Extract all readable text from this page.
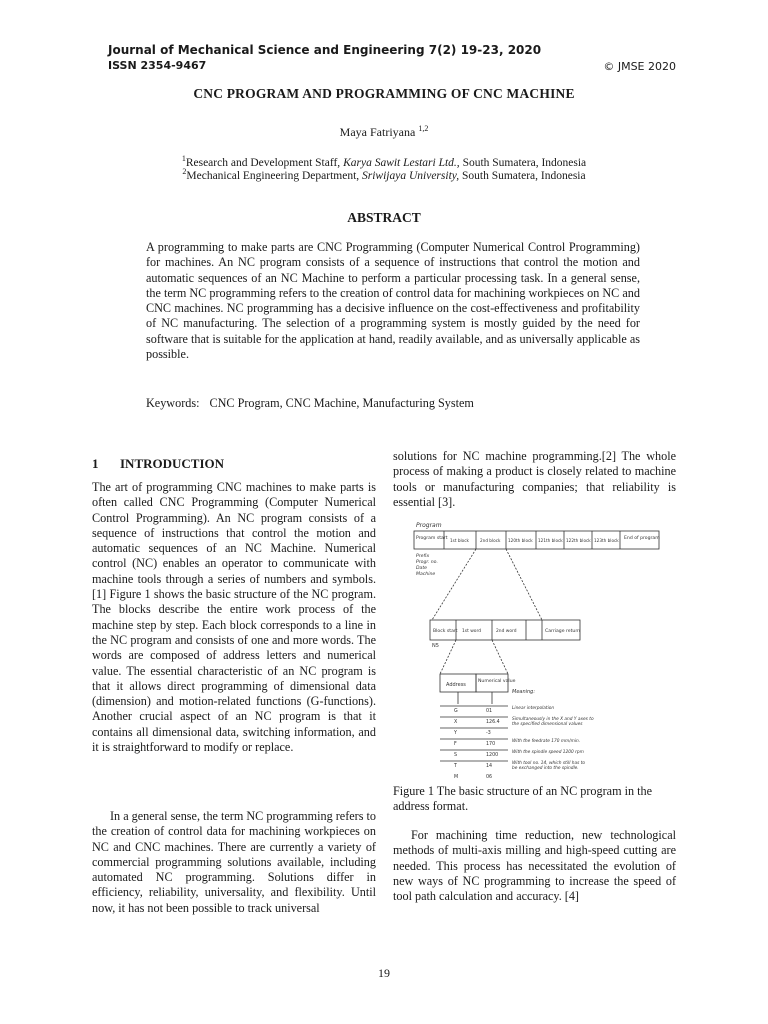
Journal of Mechanical Science and Engineering 7(2) 19-23, 2020
ISSN 2354-9467	© JMSE 2020
CNC PROGRAM AND PROGRAMMING OF CNC MACHINE
Maya Fatriyana $^{1,2}$
$^1$Research and Development Staff, Karya Sawit Lestari Ltd., South Sumatera, Indonesia
$^2$Mechanical Engineering Department, Sriwijaya University, South Sumatera, Indonesia
ABSTRACT

A programming to make parts are CNC Programming (Computer Numerical Control Programming) for machines. An NC program consists of a sequence of instructions that control the motion and automatic sequences of an NC Machine to perform a particular processing task. In a general sense, the term NC programming refers to the creation of control data for machining workpieces on NC and CNC machines. NC programming has a decisive influence on the cost-effectiveness and profitability of NC manufacturing. The selection of a programming system is mostly guided by the need for software that is suitable for the application at hand, readily available, and as universally applicable as possible.

Keywords: CNC Program, CNC Machine, Manufacturing System
1 INTRODUCTION

The art of programming CNC machines to make parts is often called CNC Programming (Computer Numerical Control Programming). An NC program consists of a sequence of instructions that control the motion and automatic sequences of an NC Machine. Numerical control (NC) enables an operator to communicate with machine tools through a series of numbers and symbols.[1] Figure 1 shows the basic structure of the NC program. The blocks describe the entire work process of the machine step by step. Each block corresponds to a line in the NC program and consists of one and more words. The words are composed of address letters and numerical value. The essential characteristic of an NC program is that it allows direct programming of dimensional data (dimension) and motion-related functions (G-functions). Another crucial aspect of an NC program is that it contains all dimensional data, switching information, and it is straightforward to modify or replace.

In a general sense, the term NC programming refers to the creation of control data for machining workpieces on NC and CNC machines. There are currently a variety of commercial programming solutions available, including automated NC programming. Solutions differ in efficiency, reliability, universality, and flexibility. Until now, it has not been possible to track universal

solutions for NC machine programming.[2] The whole process of making a product is closely related to machine tools or manufacturing companies; that reliability is essential [3].

Program
Program start 1st block	2nd block 120th block 121th block 122th block 123th block End of program
Prefix
Progr. no.
Date
Machine
Block start 1st word	2nd word	Carriage return
N5
Address
Numerical value
Meaning:
G	01
Linear interpolation
X	126.4
Simultaneously in the X and Y axes to
the specified dimensional values
Y	-3
F	170
With the feedrate 170 mm/min.
S	1200
With the spindle speed 1200 rpm
T	14
With tool no. 14, which still has to
be exchanged into the spindle.
M	06

Figure 1 The basic structure of an NC program in the address format.

For machining time reduction, new technological methods of multi-axis milling and high-speed cutting are needed. This process has necessitated the evolution of new ways of NC programming to increase the speed of tool path calculation and accuracy. [4]

19
